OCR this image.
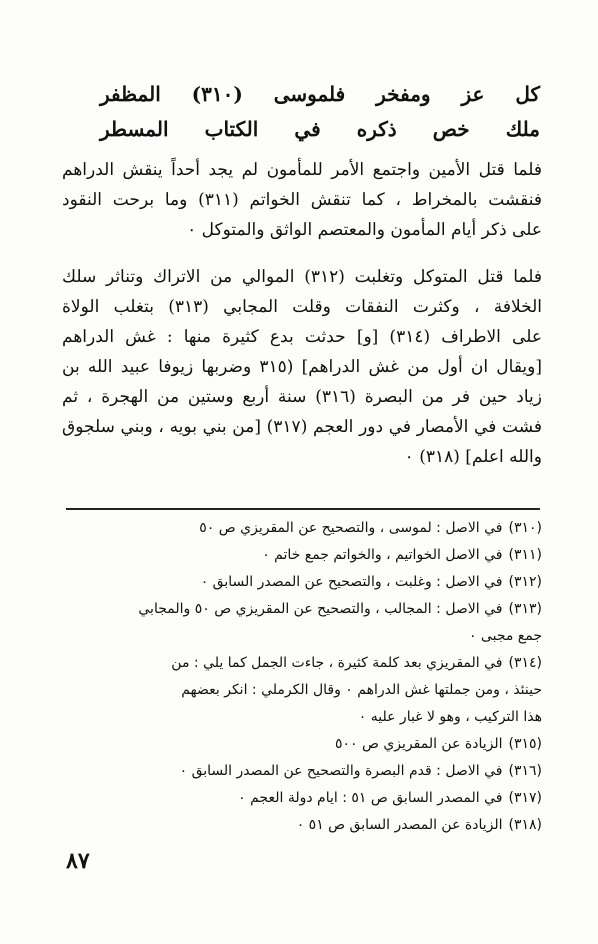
كل عز ومفخر فلموسى (٣١٠) المظفر
ملك خص ذكره في الكتاب المسطر
فلما قتل الأمين واجتمع الأمر للمأمون لم يجد أحداً ينقش الدراهم
فنقشت بالمخراط ، كما تنقش الخواتم (٣١١) وما برحت النقود
على ذكر أيام المأمون والمعتصم الواثق والمتوكل ٠
فلما قتل المتوكل وتغلبت (٣١٢) الموالي من الاتراك وتناثر سلك
الخلافة ، وكثرت النفقات وقلت المجابي (٣١٣) بتغلب الولاة
على الاطراف (٣١٤) [و] حدثت بدع كثيرة منها : غش الدراهم
[ويقال ان أول من غش الدراهم] (٣١٥ وضربها زيوفا عبيد الله بن
زياد حين فر من البصرة (٣١٦) سنة أربع وستين من الهجرة ، ثم
فشت في الأمصار في دور العجم (٣١٧) [من بني بويه ، وبني سلجوق
والله اعلم] (٣١٨) ٠
(٣١٠)في الاصل : لموسى ، والتصحيح عن المقريزي ص ٥٠
(٣١١)في الاصل الخواتيم ، والخواتم جمع خاتم ٠
(٣١٢)في الاصل : وغلبت ، والتصحيح عن المصدر السابق ٠
(٣١٣)في الاصل : المجالب ، والتصحيح عن المقريزي ص ٥٠ والمجابي
جمع مجبى ٠
(٣١٤)في المقريزي بعد كلمة كثيرة ، جاءت الجمل كما يلي : من
حينئذ ، ومن جملتها غش الدراهم ٠ وقال الكرملي : انكر بعضهم
هذا التركيب ، وهو لا غبار عليه ٠
(٣١٥)الزيادة عن المقريزي ص ٥٠٠
(٣١٦)في الاصل : قدم البصرة والتصحيح عن المصدر السابق ٠
(٣١٧)في المصدر السابق ص ٥١ : ايام دولة العجم ٠
(٣١٨)الزيادة عن المصدر السابق ص ٥١ ٠
٨٧
